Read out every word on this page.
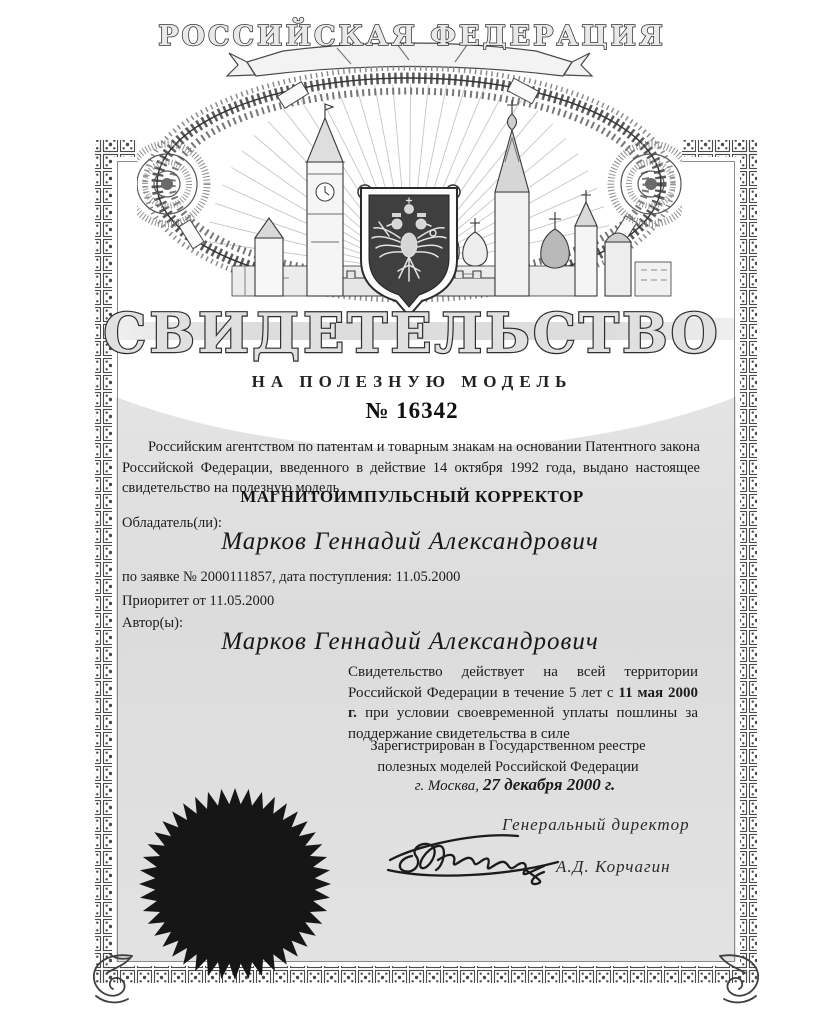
РОССИЙСКАЯ ФЕДЕРАЦИЯ
СВИДЕТЕЛЬСТВО
НА ПОЛЕЗНУЮ МОДЕЛЬ
№ 16342
Российским агентством по патентам и товарным знакам на основании Патентного закона Российской Федерации, введенного в действие 14 октября 1992 года, выдано настоящее свидетельство на полезную модель
МАГНИТОИМПУЛЬСНЫЙ КОРРЕКТОР
Обладатель(ли):
Марков Геннадий Александрович
по заявке № 2000111857, дата поступления: 11.05.2000
Приоритет от 11.05.2000
Автор(ы):
Марков Геннадий Александрович
Свидетельство действует на всей территории Российской Федерации в течение 5 лет с 11 мая 2000 г. при условии своевременной уплаты пошлины за поддержание свидетельства в силе
Зарегистрирован в Государственном реестре полезных моделей Российской Федерации
г. Москва, 27 декабря 2000 г.
Генеральный директор
А.Д. Корчагин
